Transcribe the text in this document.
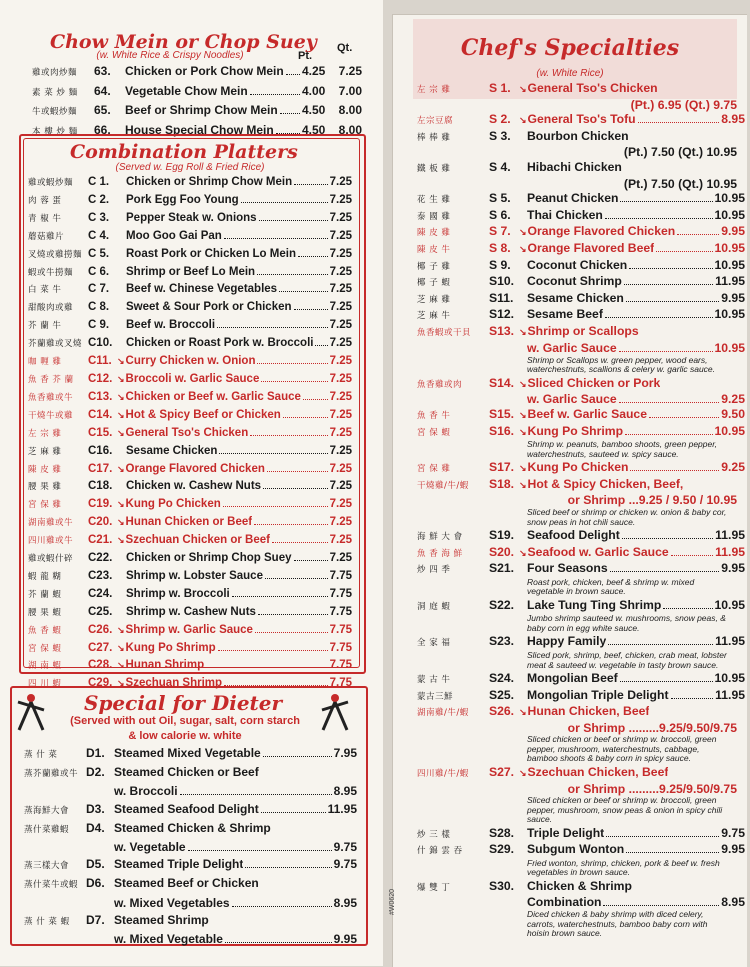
Chow Mein or Chop Suey
(w. White Rice & Crispy Noodles)	Pt.
Qt.
雞或肉炒麵	63.	Chicken or Pork Chow Mein 4.25	7.25
素 菜 炒 麵	64.	Vegetable Chow Mein	4.00	7.00
牛或蝦炒麵	65.	Beef or Shrimp Chow Mein 4.50	8.00
本 樓 炒 麵	66.	House Special Chow Mein 4.50	8.00
Combination Platters
(Served w. Egg Roll & Fried Rice)
雞或蝦炒麵	C 1.	Chicken or Shrimp Chow Mein	7.25
肉 蓉 蛋	C 2.	Pork Egg Foo Young	7.25
青 椒 牛	C 3.	Pepper Steak w. Onions	7.25
蘑菇雞片	C 4.	Moo Goo Gai Pan	7.25
叉燒或雞撈麵 C 5.	Roast Pork or Chicken Lo Mein	7.25
蝦或牛撈麵	C 6.	Shrimp or Beef Lo Mein	7.25
白 菜 牛	C 7.	Beef w. Chinese Vegetables	7.25
甜酸肉或雞	C 8.	Sweet & Sour Pork or Chicken	7.25
芥 蘭 牛	C 9.	Beef w. Broccoli	7.25
芥蘭雞或叉燒 C10.	Chicken or Roast Pork w. Broccoli 7.25
咖 喱 雞	C11. ↘ Curry Chicken w. Onion	7.25
魚 香 芥 蘭	C12. ↘ Broccoli w. Garlic Sauce	7.25
魚香雞或牛	C13. ↘ Chicken or Beef w. Garlic Sauce 7.25
干燒牛或雞	C14. ↘ Hot & Spicy Beef or Chicken	7.25
左 宗 雞	C15. ↘ General Tso's Chicken	7.25
芝 麻 雞	C16.	Sesame Chicken	7.25
陳 皮 雞	C17. ↘ Orange Flavored Chicken	7.25
腰 果 雞	C18.	Chicken w. Cashew Nuts	7.25
宮 保 雞	C19. ↘ Kung Po Chicken	7.25
湖南雞或牛	C20. ↘ Hunan Chicken or Beef	7.25
四川雞或牛	C21. ↘ Szechuan Chicken or Beef	7.25
雞或蝦什碎	C22.	Chicken or Shrimp Chop Suey	7.25
蝦 龍 糊	C23.	Shrimp w. Lobster Sauce	7.75
芥 蘭 蝦	C24.	Shrimp w. Broccoli	7.75
腰 果 蝦	C25.	Shrimp w. Cashew Nuts	7.75
魚 香 蝦	C26. ↘ Shrimp w. Garlic Sauce	7.75
宮 保 蝦	C27. ↘ Kung Po Shrimp	7.75
湖 南 蝦	C28. ↘ Hunan Shrimp	7.75
四 川 蝦	C29. ↘ Szechuan Shrimp	7.75
Special for Dieter
(Served with out Oil, sugar, salt, corn starch
& low calorie w. white
蒸 什 菜	D1. Steamed Mixed Vegetable	7.95
蒸芥蘭雞或牛 D2. Steamed Chicken or Beef
w. Broccoli	8.95
蒸海鮮大會	D3. Steamed Seafood Delight	11.95
蒸什菜雞蝦	D4. Steamed Chicken & Shrimp
w. Vegetable	9.75
蒸三樣大會	D5. Steamed Triple Delight	9.75
蒸什菜牛或蝦 D6. Steamed Beef or Chicken
w. Mixed Vegetables	8.95
蒸 什 菜 蝦	D7. Steamed Shrimp
w. Mixed Vegetable	9.95
Chef's Specialties
(w. White Rice)
#W0620
左 宗 雞	S 1. ↘ General Tso's Chicken
(Pt.) 6.95 (Qt.) 9.75
左宗豆腐	S 2. ↘ General Tso's Tofu	8.95
棒 棒 雞	S 3.	Bourbon Chicken
(Pt.) 7.50 (Qt.) 10.95
鐵 板 雞	S 4.	Hibachi Chicken
(Pt.) 7.50 (Qt.) 10.95
花 生 雞	S 5.	Peanut Chicken	10.95
泰 國 雞	S 6.	Thai Chicken	10.95
陳 皮 雞	S 7. ↘ Orange Flavored Chicken	9.95
陳 皮 牛	S 8. ↘ Orange Flavored Beef	10.95
椰 子 雞	S 9.	Coconut Chicken	10.95
椰 子 蝦	S10.	Coconut Shrimp	11.95
芝 麻 雞	S11.	Sesame Chicken	9.95
芝 麻 牛	S12.	Sesame Beef	10.95
魚香蝦或干貝	S13. ↘ Shrimp or Scallops
w. Garlic Sauce	10.95
Shrimp or Scallops w. green pepper, wood ears, waterchestnuts, scallions & celery w. garlic sauce.
魚香雞或肉	S14. ↘ Sliced Chicken or Pork
w. Garlic Sauce	9.25
魚 香 牛	S15. ↘ Beef w. Garlic Sauce	9.50
宮 保 蝦	S16. ↘ Kung Po Shrimp	10.95
Shrimp w. peanuts, bamboo shoots, green pepper, waterchestnuts, sauteed w. spicy sauce.
宮 保 雞	S17. ↘ Kung Po Chicken	9.25
干燒雞/牛/蝦	S18. ↘ Hot & Spicy Chicken, Beef,
or Shrimp ...9.25 / 9.50 / 10.95
Sliced beef or shrimp or chicken w. onion & baby cor, snow peas in hot chili sauce.
海 鮮 大 會	S19.	Seafood Delight	11.95
魚 香 海 鮮	S20. ↘ Seafood w. Garlic Sauce	11.95
炒 四 季	S21.	Four Seasons	9.95
Roast pork, chicken, beef & shrimp w. mixed vegetable in brown sauce.
洞 庭 蝦	S22.	Lake Tung Ting Shrimp	10.95
Jumbo shrimp sauteed w. mushrooms, snow peas, & baby corn in egg white sauce.
全 家 福	S23.	Happy Family	11.95
Sliced pork, shrimp, beef, chicken, crab meat, lobster meat & sauteed w. vegetable in tasty brown sauce.
蒙 古 牛	S24.	Mongolian Beef	10.95
蒙古三鮮	S25.	Mongolian Triple Delight	11.95
湖南雞/牛/蝦	S26. ↘ Hunan Chicken, Beef
or Shrimp .........9.25/9.50/9.75
Sliced chicken or beef or shrimp w. broccoli, green pepper, mushroom, waterchestnuts, cabbage, bamboo shoots & baby corn in spicy sauce.
四川雞/牛/蝦	S27. ↘ Szechuan Chicken, Beef
or Shrimp .........9.25/9.50/9.75
Sliced chicken or beef or shrimp w. broccoli, green pepper, mushroom, snow peas & onion in spicy chili sauce.
炒 三 樣	S28.	Triple Delight	9.75
什 錦 雲 吞	S29.	Subgum Wonton	9.95
Fried wonton, shrimp, chicken, pork & beef w. fresh vegetables in brown sauce.
爆 雙 丁	S30.	Chicken & Shrimp
Combination	8.95
Diced chicken & baby shrimp with diced celery, carrots, waterchestnuts, bamboo baby corn with hoisin brown sauce.
